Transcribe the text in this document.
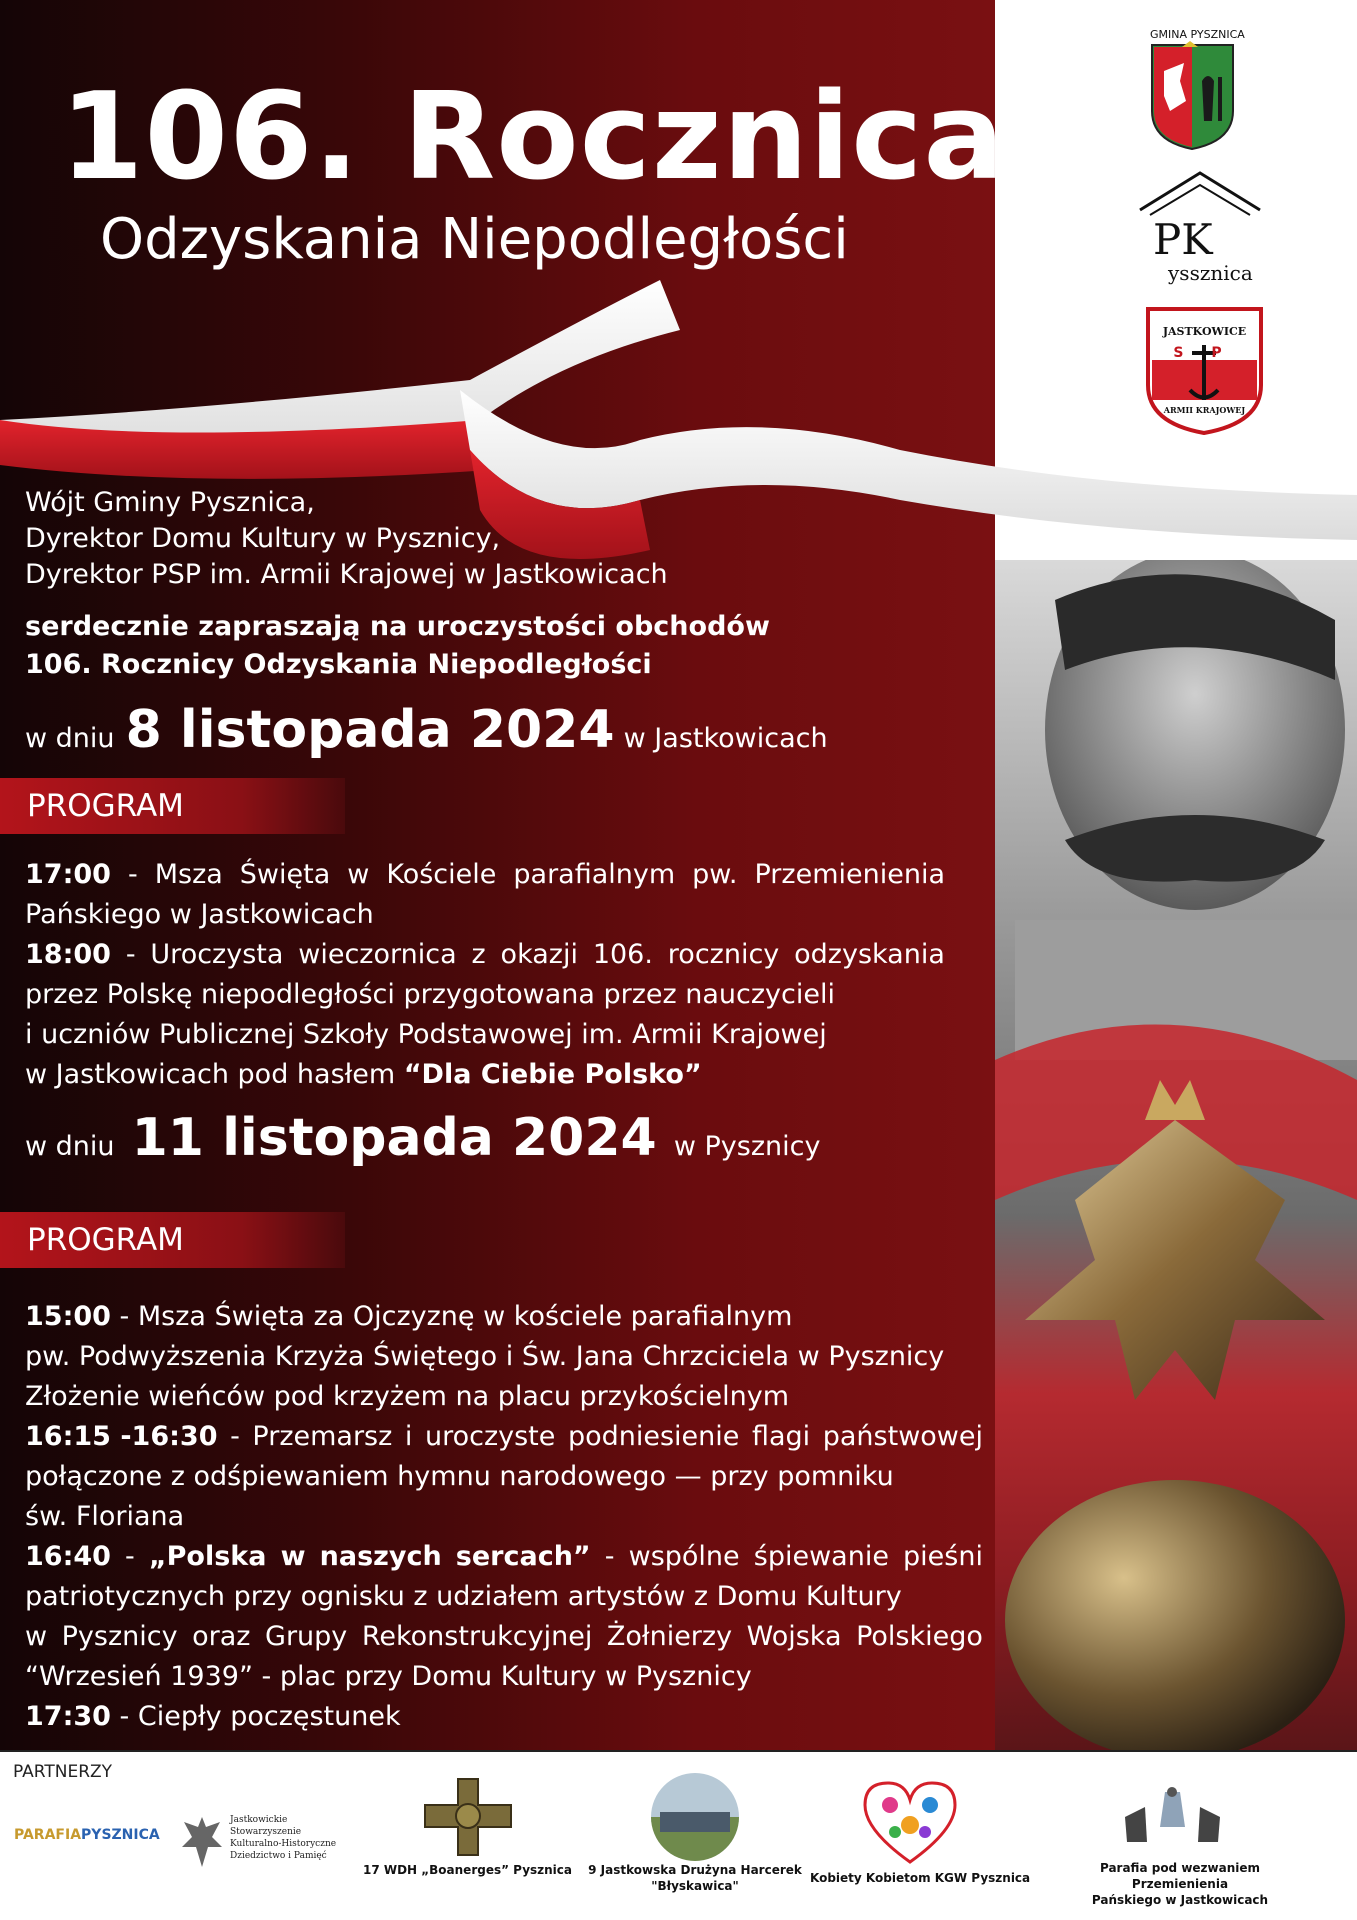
106. Rocznica
Odzyskania Niepodległości
GMINA PYSZNICA
PK
yssznica
JASTKOWICE
SP
ARMII KRAJOWEJ
Wójt Gminy Pysznica,
Dyrektor Domu Kultury w Pysznicy,
Dyrektor PSP im. Armii Krajowej w Jastkowicach
serdecznie zapraszają na uroczystości obchodów
106. Rocznicy Odzyskania Niepodległości
w dniu 8 listopada 2024 w Jastkowicach
PROGRAM
17:00 - Msza Święta w Kościele parafialnym pw. Przemienienia
Pańskiego w Jastkowicach
18:00 - Uroczysta wieczornica z okazji 106. rocznicy odzyskania
przez Polskę niepodległości przygotowana przez nauczycieli
i uczniów Publicznej Szkoły Podstawowej im. Armii Krajowej
w Jastkowicach pod hasłem “Dla Ciebie Polsko”
w dniu 11 listopada 2024 w Pysznicy
PROGRAM
15:00 - Msza Święta za Ojczyznę w kościele parafialnym
pw. Podwyższenia Krzyża Świętego i Św. Jana Chrzciciela w Pysznicy
Złożenie wieńców pod krzyżem na placu przykościelnym
16:15 -16:30 - Przemarsz i uroczyste podniesienie flagi państwowej
połączone z odśpiewaniem hymnu narodowego — przy pomniku
św. Floriana
16:40 - „Polska w naszych sercach” - wspólne śpiewanie pieśni
patriotycznych przy ognisku z udziałem artystów z Domu Kultury
w Pysznicy oraz Grupy Rekonstrukcyjnej Żołnierzy Wojska Polskiego
“Wrzesień 1939” - plac przy Domu Kultury w Pysznicy
17:30 - Ciepły poczęstunek
PARTNERZY
PARAFIAPYSZNICA
Jastkowickie
Stowarzyszenie
Kulturalno-Historyczne
Dziedzictwo i Pamięć
17 WDH „Boanerges” Pysznica	9 Jastkowska Drużyna Harcerek
"Błyskawica"
Kobiety Kobietom KGW Pysznica
Parafia pod wezwaniem Przemienienia
Pańskiego w Jastkowicach
